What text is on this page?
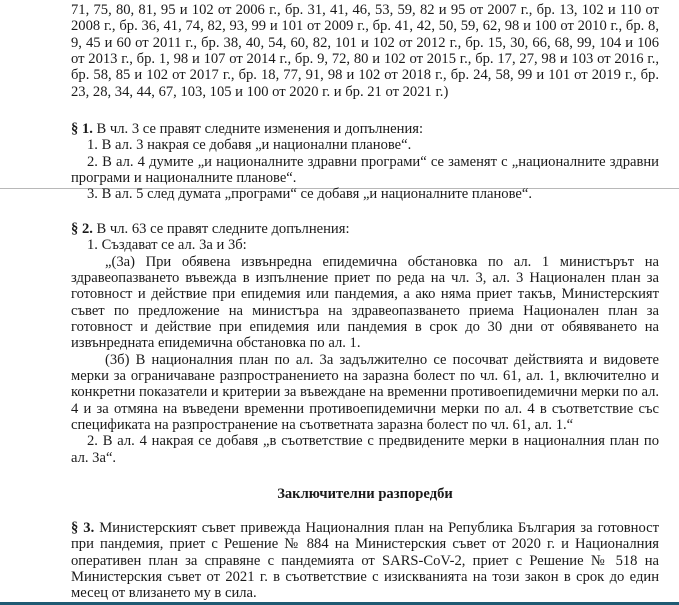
71, 75, 80, 81, 95 и 102 от 2006 г., бр. 31, 41, 46, 53, 59, 82 и 95 от 2007 г., бр. 13, 102 и 110 от
2008 г., бр. 36, 41, 74, 82, 93, 99 и 101 от 2009 г., бр. 41, 42, 50, 59, 62, 98 и 100 от 2010 г., бр. 8,
9, 45 и 60 от 2011 г., бр. 38, 40, 54, 60, 82, 101 и 102 от 2012 г., бр. 15, 30, 66, 68, 99, 104 и 106
от 2013 г., бр. 1, 98 и 107 от 2014 г., бр. 9, 72, 80 и 102 от 2015 г., бр. 17, 27, 98 и 103 от 2016 г.,
бр. 58, 85 и 102 от 2017 г., бр. 18, 77, 91, 98 и 102 от 2018 г., бр. 24, 58, 99 и 101 от 2019 г., бр.
23, 28, 34, 44, 67, 103, 105 и 100 от 2020 г. и бр. 21 от 2021 г.)
§ 1. В чл. 3 се правят следните изменения и допълнения:
1. В ал. 3 накрая се добавя „и национални планове“.
2. В ал. 4 думите „и националните здравни програми“ се заменят с „националните здравни
програми и националните планове“.
3. В ал. 5 след думата „програми“ се добавя „и националните планове“.
§ 2. В чл. 63 се правят следните допълнения:
1. Създават се ал. 3а и 3б:
„(3а) При обявена извънредна епидемична обстановка по ал. 1 министърът на
здравеопазването въвежда в изпълнение приет по реда на чл. 3, ал. 3 Национален план за
готовност и действие при епидемия или пандемия, а ако няма приет такъв, Министерският
съвет по предложение на министъра на здравеопазването приема Национален план за
готовност и действие при епидемия или пандемия в срок до 30 дни от обявяването на
извънредната епидемична обстановка по ал. 1.
(3б) В националния план по ал. 3а задължително се посочват действията и видовете
мерки за ограничаване разпространението на заразна болест по чл. 61, ал. 1, включително и
конкретни показатели и критерии за въвеждане на временни противоепидемични мерки по ал.
4 и за отмяна на въведени временни противоепидемични мерки по ал. 4 в съответствие със
спецификата на разпространение на съответната заразна болест по чл. 61, ал. 1.“
2. В ал. 4 накрая се добавя „в съответствие с предвидените мерки в националния план по
ал. 3а“.
Заключителни разпоредби
§ 3. Министерският съвет привежда Националния план на Република България за готовност
при пандемия, приет с Решение № 884 на Министерския съвет от 2020 г. и Националния
оперативен план за справяне с пандемията от SARS-CoV-2, приет с Решение № 518 на
Министерския съвет от 2021 г. в съответствие с изискванията на този закон в срок до един
месец от влизането му в сила.
